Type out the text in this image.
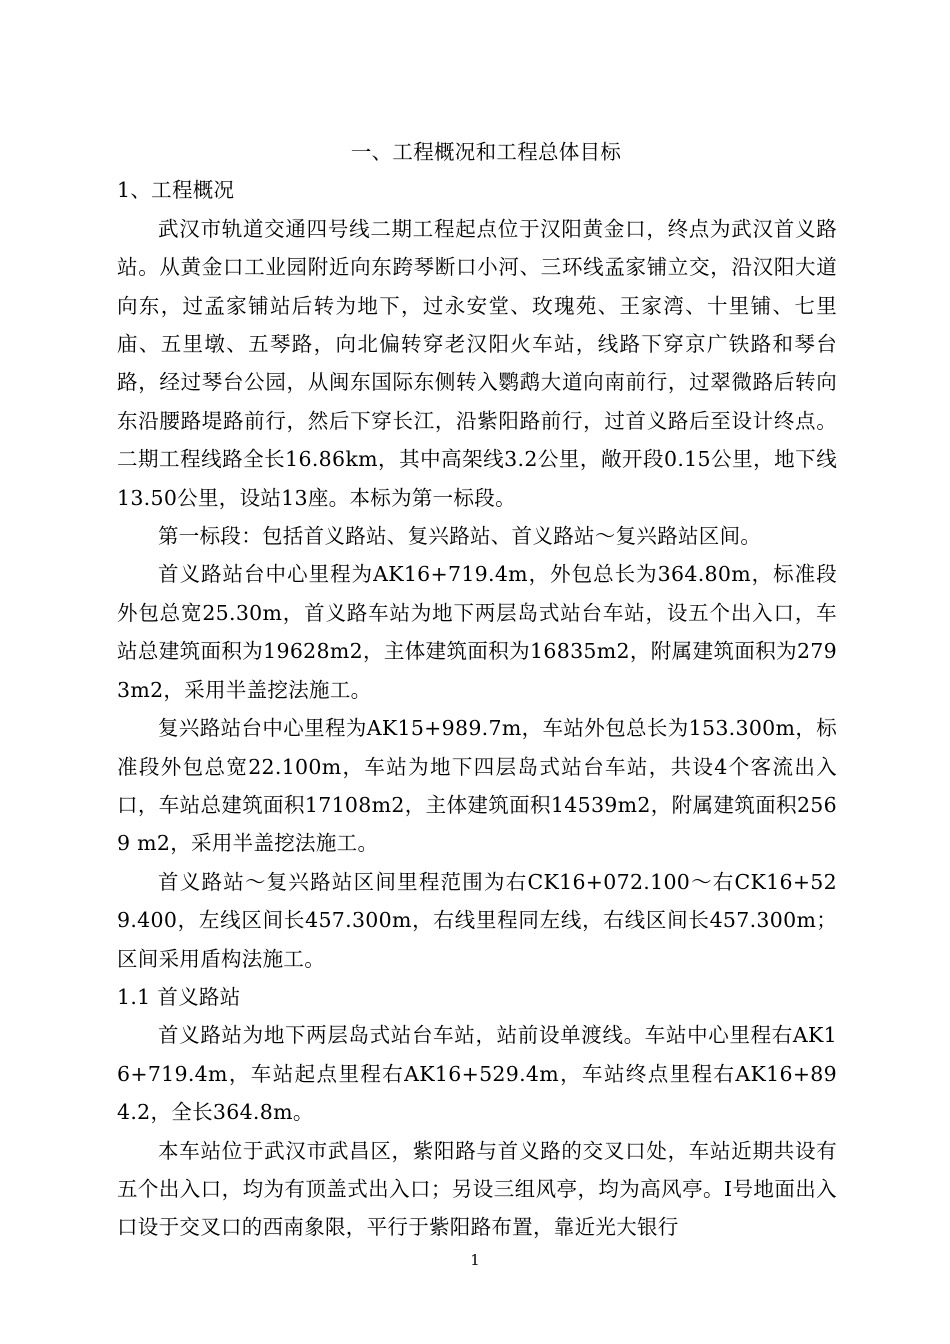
一、工程概况和工程总体目标

1、工程概况

武汉市轨道交通四号线二期工程起点位于汉阳黄金口，终点为武汉首义路站。从黄金口工业园附近向东跨琴断口小河、三环线孟家铺立交，沿汉阳大道向东，过孟家铺站后转为地下，过永安堂、玫瑰苑、王家湾、十里铺、七里庙、五里墩、五琴路，向北偏转穿老汉阳火车站，线路下穿京广铁路和琴台路，经过琴台公园，从闽东国际东侧转入鹦鹉大道向南前行，过翠微路后转向东沿腰路堤路前行，然后下穿长江，沿紫阳路前行，过首义路后至设计终点。二期工程线路全长16.86km，其中高架线3.2公里，敞开段0.15公里，地下线13.50公里，设站13座。本标为第一标段。

第一标段：包括首义路站、复兴路站、首义路站～复兴路站区间。

首义路站台中心里程为AK16+719.4m，外包总长为364.80m，标准段外包总宽25.30m，首义路车站为地下两层岛式站台车站，设五个出入口，车站总建筑面积为19628m2，主体建筑面积为16835m2，附属建筑面积为2793m2，采用半盖挖法施工。

复兴路站台中心里程为AK15+989.7m，车站外包总长为153.300m，标准段外包总宽22.100m，车站为地下四层岛式站台车站，共设4个客流出入口，车站总建筑面积17108m2，主体建筑面积14539m2，附属建筑面积2569 m2，采用半盖挖法施工。

首义路站～复兴路站区间里程范围为右CK16+072.100～右CK16+529.400，左线区间长457.300m，右线里程同左线，右线区间长457.300m；区间采用盾构法施工。

1.1 首义路站

首义路站为地下两层岛式站台车站，站前设单渡线。车站中心里程右AK16+719.4m，车站起点里程右AK16+529.4m，车站终点里程右AK16+894.2，全长364.8m。

本车站位于武汉市武昌区，紫阳路与首义路的交叉口处，车站近期共设有五个出入口，均为有顶盖式出入口；另设三组风亭，均为高风亭。Ⅰ号地面出入口设于交叉口的西南象限，平行于紫阳路布置，靠近光大银行

1
